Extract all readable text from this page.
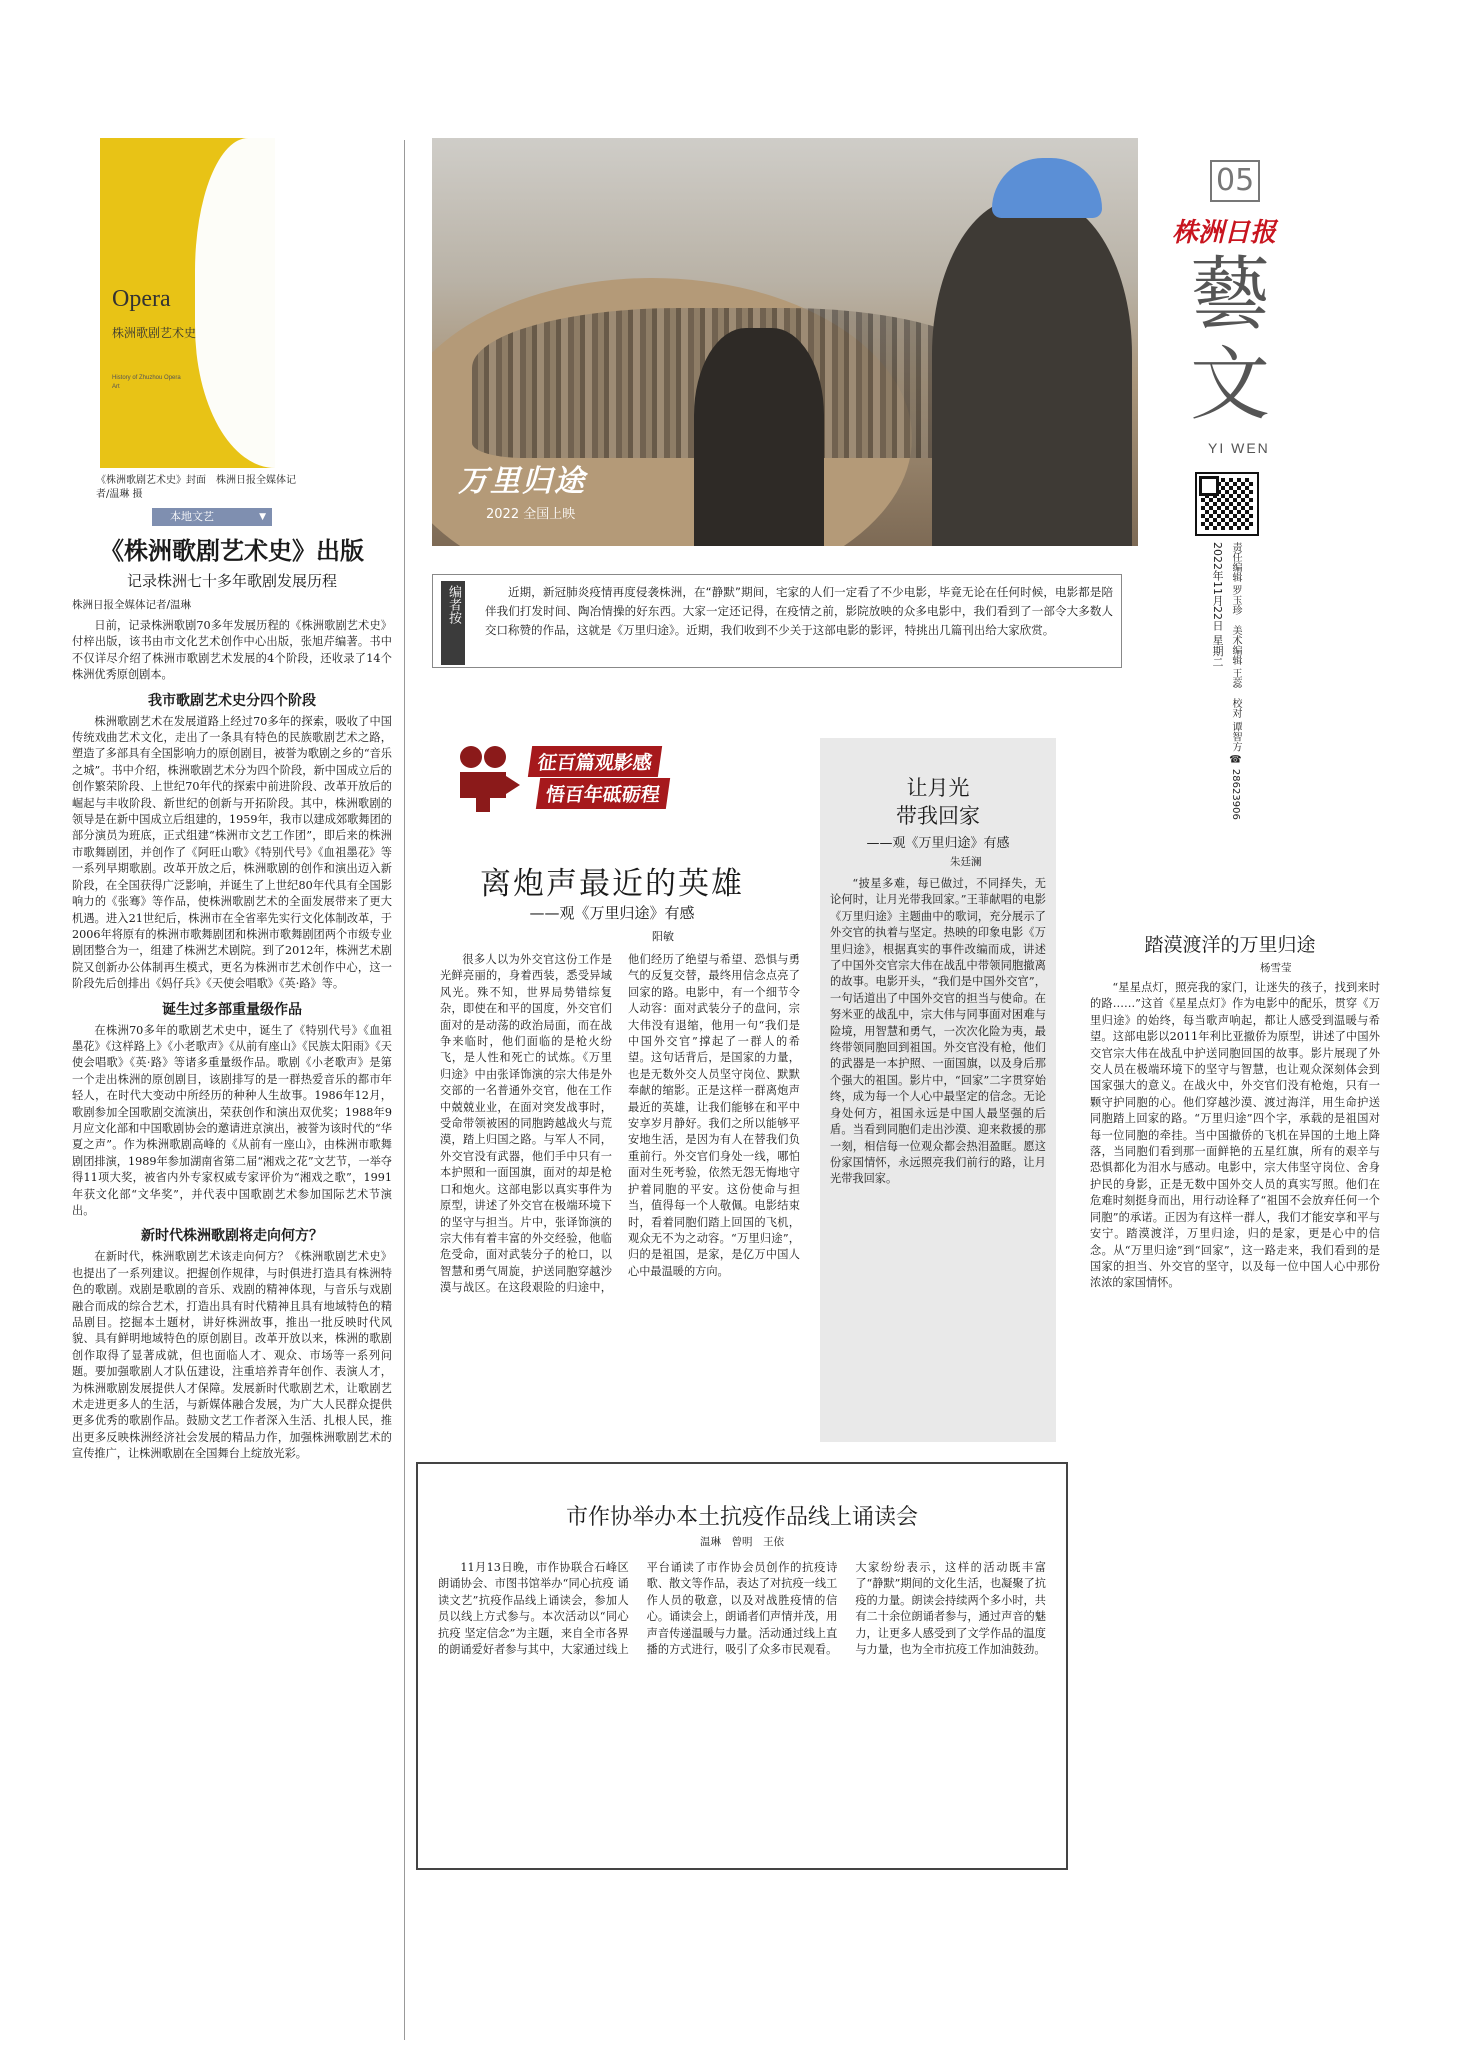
Opera
株洲歌剧艺术史
History of Zhuzhou Opera Art
《株洲歌剧艺术史》封面　株洲日报全媒体记者/温琳 摄
本地文艺	▼
《株洲歌剧艺术史》出版
记录株洲七十多年歌剧发展历程
株洲日报全媒体记者/温琳

日前，记录株洲歌剧70多年发展历程的《株洲歌剧艺术史》付梓出版，该书由市文化艺术创作中心出版，张旭芹编著。书中不仅详尽介绍了株洲市歌剧艺术发展的4个阶段，还收录了14个株洲优秀原创剧本。

我市歌剧艺术史分四个阶段

株洲歌剧艺术在发展道路上经过70多年的探索，吸收了中国传统戏曲艺术文化，走出了一条具有特色的民族歌剧艺术之路，塑造了多部具有全国影响力的原创剧目，被誉为歌剧之乡的“音乐之城”。书中介绍，株洲歌剧艺术分为四个阶段，新中国成立后的创作繁荣阶段、上世纪70年代的探索中前进阶段、改革开放后的崛起与丰收阶段、新世纪的创新与开拓阶段。其中，株洲歌剧的领导是在新中国成立后组建的，1959年，我市以建成郊歌舞团的部分演员为班底，正式组建“株洲市文艺工作团”，即后来的株洲市歌舞剧团，并创作了《阿旺山歌》《特别代号》《血祖墨花》等一系列早期歌剧。改革开放之后，株洲歌剧的创作和演出迈入新阶段，在全国获得广泛影响，并诞生了上世纪80年代具有全国影响力的《张骞》等作品，使株洲歌剧艺术的全面发展带来了更大机遇。进入21世纪后，株洲市在全省率先实行文化体制改革，于2006年将原有的株洲市歌舞剧团和株洲市歌舞剧团两个市级专业剧团整合为一，组建了株洲艺术剧院。到了2012年，株洲艺术剧院又创新办公体制再生模式，更名为株洲市艺术创作中心，这一阶段先后创排出《妈仔兵》《天使会唱歌》《英·路》等。

诞生过多部重量级作品

在株洲70多年的歌剧艺术史中，诞生了《特别代号》《血祖墨花》《这样路上》《小老歌声》《从前有座山》《民族太阳雨》《天使会唱歌》《英·路》等诸多重量级作品。歌剧《小老歌声》是第一个走出株洲的原创剧目，该剧排写的是一群热爱音乐的都市年轻人，在时代大变动中所经历的种种人生故事。1986年12月，歌剧参加全国歌剧交流演出，荣获创作和演出双优奖；1988年9月应文化部和中国歌剧协会的邀请进京演出，被誉为该时代的“华夏之声”。作为株洲歌剧高峰的《从前有一座山》，由株洲市歌舞剧团排演，1989年参加湖南省第二届“湘戏之花”文艺节，一举夺得11项大奖，被省内外专家权威专家评价为“湘戏之歌”，1991年获文化部“文华奖”，并代表中国歌剧艺术参加国际艺术节演出。

新时代株洲歌剧将走向何方？

在新时代，株洲歌剧艺术该走向何方？《株洲歌剧艺术史》也提出了一系列建议。把握创作规律，与时俱进打造具有株洲特色的歌剧。戏剧是歌剧的音乐、戏剧的精神体现，与音乐与戏剧融合而成的综合艺术，打造出具有时代精神且具有地域特色的精品剧目。挖掘本土题材，讲好株洲故事，推出一批反映时代风貌、具有鲜明地域特色的原创剧目。改革开放以来，株洲的歌剧创作取得了显著成就，但也面临人才、观众、市场等一系列问题。要加强歌剧人才队伍建设，注重培养青年创作、表演人才，为株洲歌剧发展提供人才保障。发展新时代歌剧艺术，让歌剧艺术走进更多人的生活，与新媒体融合发展，为广大人民群众提供更多优秀的歌剧作品。鼓励文艺工作者深入生活、扎根人民，推出更多反映株洲经济社会发展的精品力作，加强株洲歌剧艺术的宣传推广，让株洲歌剧在全国舞台上绽放光彩。

万里归途
2022 全国上映
05
株洲日报
藝
文
YI WEN
2022年11月22日 星期二 责任编辑 罗玉珍　美术编辑 王蕊　校对 谭智方 ☎ 28623906
编者按	近期，新冠肺炎疫情再度侵袭株洲，在“静默”期间，宅家的人们一定看了不少电影，毕竟无论在任何时候，电影都是陪伴我们打发时间、陶冶情操的好东西。大家一定还记得，在疫情之前，影院放映的众多电影中，我们看到了一部令大多数人交口称赞的作品，这就是《万里归途》。近期，我们收到不少关于这部电影的影评，特挑出几篇刊出给大家欣赏。
征百篇观影感
悟百年砥砺程
离炮声最近的英雄
——观《万里归途》有感
阳敏

很多人以为外交官这份工作是光鲜亮丽的，身着西装，悉受异域风光。殊不知，世界局势错综复杂，即使在和平的国度，外交官们面对的是动荡的政治局面，而在战争来临时，他们面临的是枪火纷飞，是人性和死亡的试炼。《万里归途》中由张译饰演的宗大伟是外交部的一名普通外交官，他在工作中兢兢业业，在面对突发战事时，受命带领被困的同胞跨越战火与荒漠，踏上归国之路。与军人不同，外交官没有武器，他们手中只有一本护照和一面国旗，面对的却是枪口和炮火。这部电影以真实事件为原型，讲述了外交官在极端环境下的坚守与担当。片中，张译饰演的宗大伟有着丰富的外交经验，他临危受命，面对武装分子的枪口，以智慧和勇气周旋，护送同胞穿越沙漠与战区。在这段艰险的归途中，他们经历了绝望与希望、恐惧与勇气的反复交替，最终用信念点亮了回家的路。电影中，有一个细节令人动容：面对武装分子的盘问，宗大伟没有退缩，他用一句“我们是中国外交官”撑起了一群人的希望。这句话背后，是国家的力量，也是无数外交人员坚守岗位、默默奉献的缩影。正是这样一群离炮声最近的英雄，让我们能够在和平中安享岁月静好。我们之所以能够平安地生活，是因为有人在替我们负重前行。外交官们身处一线，哪怕面对生死考验，依然无怨无悔地守护着同胞的平安。这份使命与担当，值得每一个人敬佩。电影结束时，看着同胞们踏上回国的飞机，观众无不为之动容。“万里归途”，归的是祖国，是家，是亿万中国人心中最温暖的方向。

让月光
带我回家
——观《万里归途》有感
朱廷澜

“披星多难，每已做过，不同择失，无论何时，让月光带我回家。”王菲献唱的电影《万里归途》主题曲中的歌词，充分展示了外交官的执着与坚定。热映的印象电影《万里归途》，根据真实的事件改编而成，讲述了中国外交官宗大伟在战乱中带领同胞撤离的故事。电影开头，“我们是中国外交官”，一句话道出了中国外交官的担当与使命。在努米亚的战乱中，宗大伟与同事面对困难与险境，用智慧和勇气，一次次化险为夷，最终带领同胞回到祖国。外交官没有枪，他们的武器是一本护照、一面国旗，以及身后那个强大的祖国。影片中，“回家”二字贯穿始终，成为每一个人心中最坚定的信念。无论身处何方，祖国永远是中国人最坚强的后盾。当看到同胞们走出沙漠、迎来救援的那一刻，相信每一位观众都会热泪盈眶。愿这份家国情怀，永远照亮我们前行的路，让月光带我回家。

踏漠渡洋的万里归途
杨雪莹

“星星点灯，照亮我的家门，让迷失的孩子，找到来时的路……”这首《星星点灯》作为电影中的配乐，贯穿《万里归途》的始终，每当歌声响起，都让人感受到温暖与希望。这部电影以2011年利比亚撤侨为原型，讲述了中国外交官宗大伟在战乱中护送同胞回国的故事。影片展现了外交人员在极端环境下的坚守与智慧，也让观众深刻体会到国家强大的意义。在战火中，外交官们没有枪炮，只有一颗守护同胞的心。他们穿越沙漠、渡过海洋，用生命护送同胞踏上回家的路。“万里归途”四个字，承载的是祖国对每一位同胞的牵挂。当中国撤侨的飞机在异国的土地上降落，当同胞们看到那一面鲜艳的五星红旗，所有的艰辛与恐惧都化为泪水与感动。电影中，宗大伟坚守岗位、舍身护民的身影，正是无数中国外交人员的真实写照。他们在危难时刻挺身而出，用行动诠释了“祖国不会放弃任何一个同胞”的承诺。正因为有这样一群人，我们才能安享和平与安宁。踏漠渡洋，万里归途，归的是家，更是心中的信念。从“万里归途”到“回家”，这一路走来，我们看到的是国家的担当、外交官的坚守，以及每一位中国人心中那份浓浓的家国情怀。

市作协举办本土抗疫作品线上诵读会
温琳　曾明　王依

11月13日晚，市作协联合石峰区朗诵协会、市图书馆举办“同心抗疫 诵读文艺”抗疫作品线上诵读会，参加人员以线上方式参与。本次活动以“同心抗疫 坚定信念”为主题，来自全市各界的朗诵爱好者参与其中，大家通过线上平台诵读了市作协会员创作的抗疫诗歌、散文等作品，表达了对抗疫一线工作人员的敬意，以及对战胜疫情的信心。诵读会上，朗诵者们声情并茂，用声音传递温暖与力量。活动通过线上直播的方式进行，吸引了众多市民观看。大家纷纷表示，这样的活动既丰富了“静默”期间的文化生活，也凝聚了抗疫的力量。朗读会持续两个多小时，共有二十余位朗诵者参与，通过声音的魅力，让更多人感受到了文学作品的温度与力量，也为全市抗疫工作加油鼓劲。
